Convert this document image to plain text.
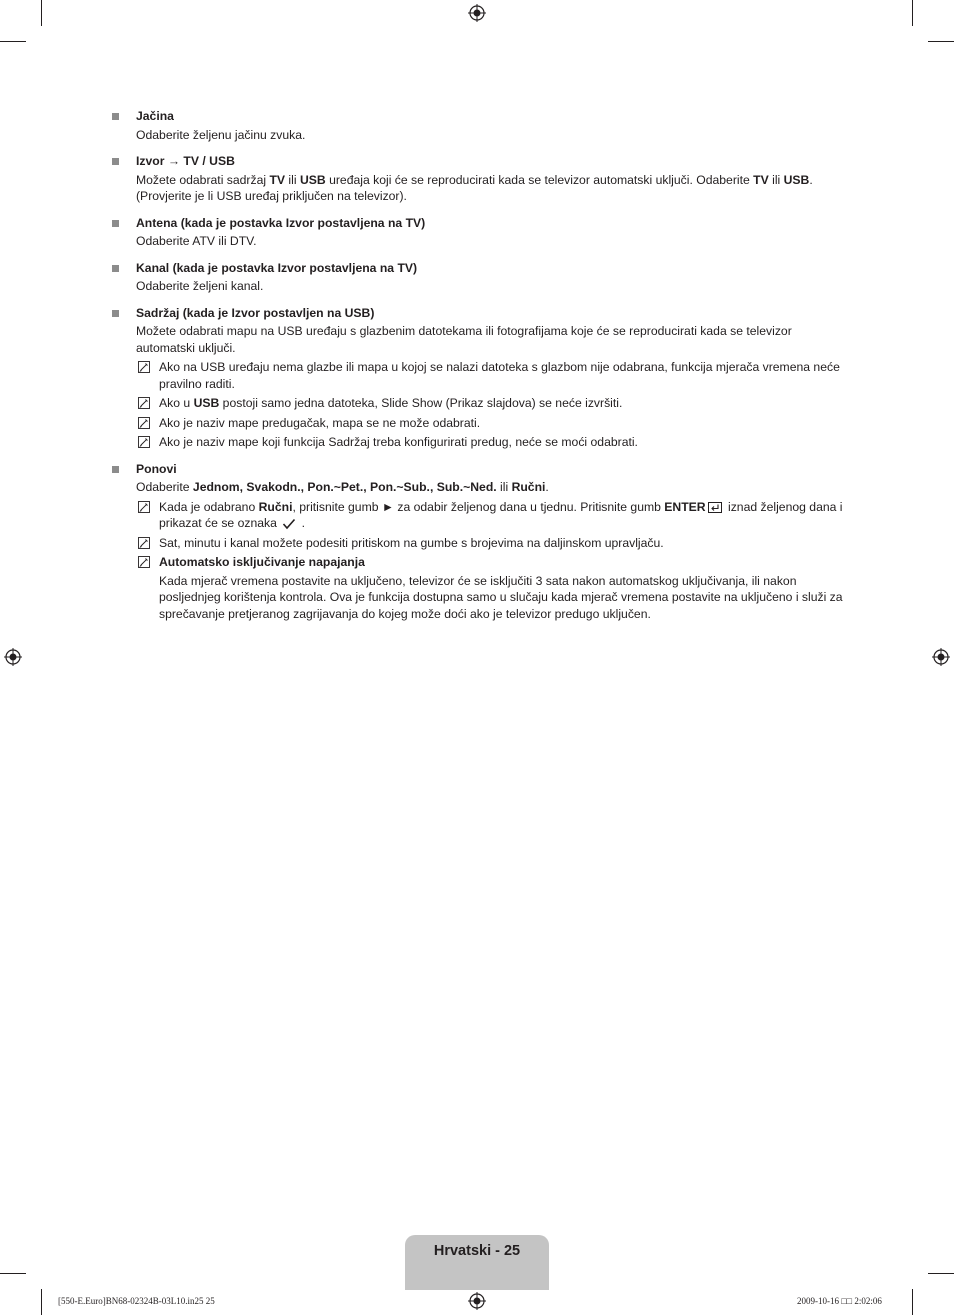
Jačina
Odaberite željenu jačinu zvuka.
Izvor → TV / USB
Možete odabrati sadržaj TV ili USB uređaja koji će se reproducirati kada se televizor automatski uključi. Odaberite TV ili USB. (Provjerite je li USB uređaj priključen na televizor).
Antena (kada je postavka Izvor postavljena na TV)
Odaberite ATV ili DTV.
Kanal (kada je postavka Izvor postavljena na TV)
Odaberite željeni kanal.
Sadržaj (kada je Izvor postavljen na USB)
Možete odabrati mapu na USB uređaju s glazbenim datotekama ili fotografijama koje će se reproducirati kada se televizor automatski uključi.
Ako na USB uređaju nema glazbe ili mapa u kojoj se nalazi datoteka s glazbom nije odabrana, funkcija mjerača vremena neće pravilno raditi.
Ako u USB postoji samo jedna datoteka, Slide Show (Prikaz slajdova) se neće izvršiti.
Ako je naziv mape predugačak, mapa se ne može odabrati.
Ako je naziv mape koji funkcija Sadržaj treba konfigurirati predug, neće se moći odabrati.
Ponovi
Odaberite Jednom, Svakodn., Pon.~Pet., Pon.~Sub., Sub.~Ned. ili Ručni.
Kada je odabrano Ručni, pritisnite gumb ► za odabir željenog dana u tjednu. Pritisnite gumb ENTER iznad željenog dana i prikazat će se oznaka  .
Sat, minutu i kanal možete podesiti pritiskom na gumbe s brojevima na daljinskom upravljaču.
Automatsko isključivanje napajanja
Kada mjerač vremena postavite na uključeno, televizor će se isključiti 3 sata nakon automatskog uključivanja, ili nakon posljednjeg korištenja kontrola. Ova je funkcija dostupna samo u slučaju kada mjerač vremena postavite na uključeno i služi za sprečavanje pretjeranog zagrijavanja do kojeg može doći ako je televizor predugo uključen.
Hrvatski - 25
[550-E.Euro]BN68-02324B-03L10.in25 25	2009-10-16 □□ 2:02:06
